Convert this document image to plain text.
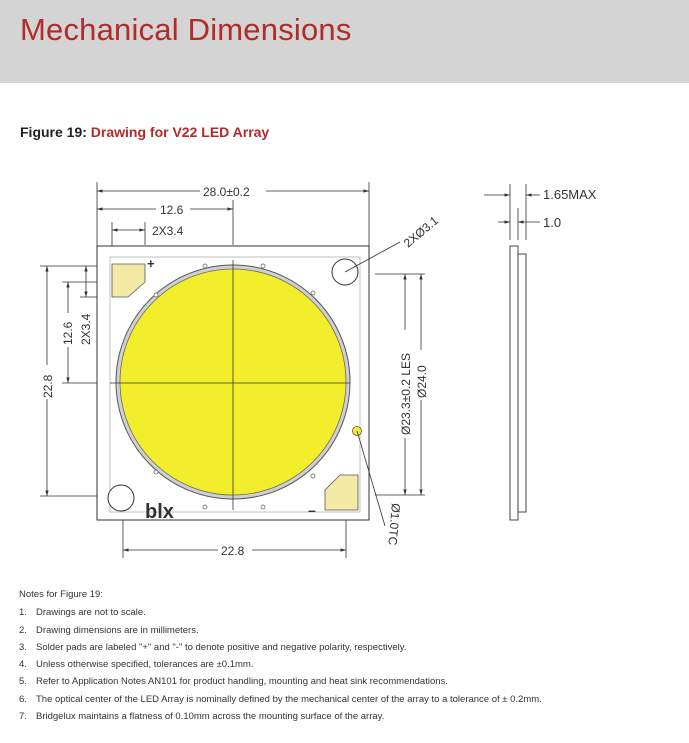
Mechanical Dimensions
Figure 19: Drawing for V22 LED Array
+
–
blx
28.0±0.2
12.6
2X3.4	2XØ3.1
Ø23.3±0.2 LES Ø24.0
22.8
12.6 2X3.4
22.8
Ø1.0TC
1.65MAX
1.0
Notes for Figure 19:
1. Drawings are not to scale.
2. Drawing dimensions are in millimeters.
3. Solder pads are labeled "+" and "-" to denote positive and negative polarity, respectively.
4. Unless otherwise specified, tolerances are ±0.1mm.
5. Refer to Application Notes AN101 for product handling, mounting and heat sink recommendations.
6. The optical center of the LED Array is nominally defined by the mechanical center of the array to a tolerance of ± 0.2mm.
7. Bridgelux maintains a flatness of 0.10mm across the mounting surface of the array.
